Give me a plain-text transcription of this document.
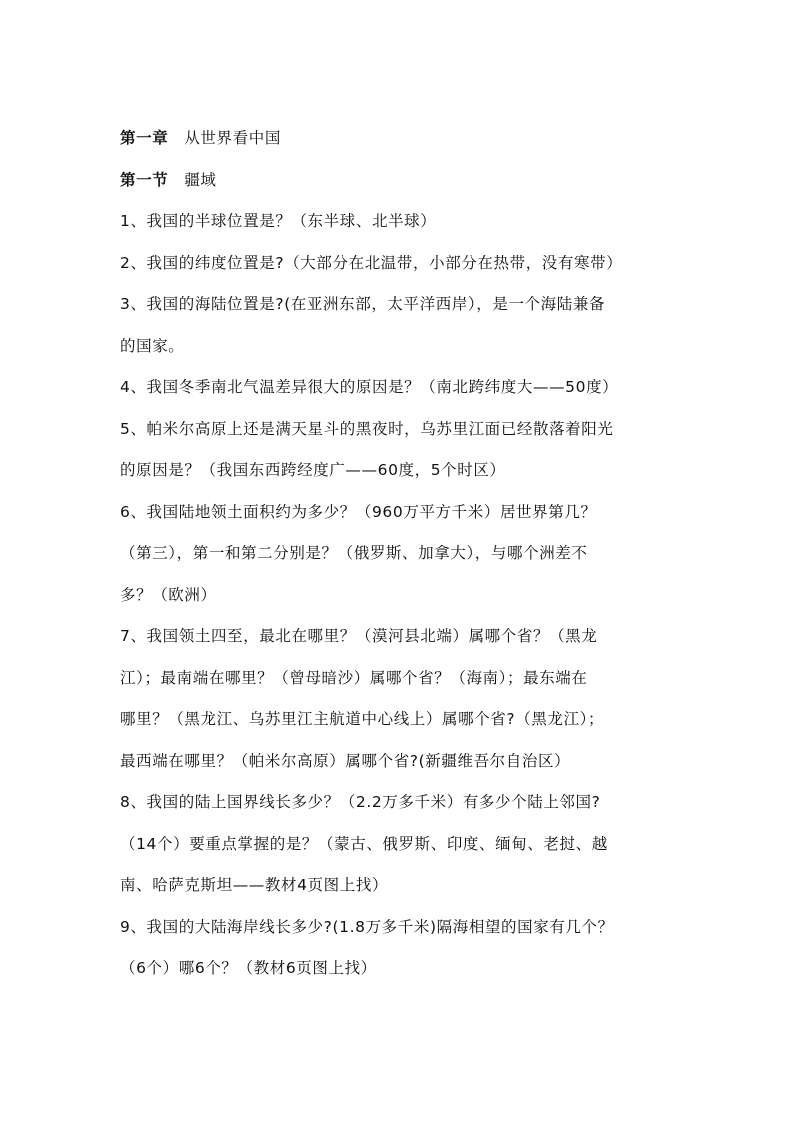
第一章 从世界看中国
第一节 疆域
1、我国的半球位置是？（东半球、北半球）
2、我国的纬度位置是?（大部分在北温带，小部分在热带，没有寒带）
3、我国的海陆位置是?(在亚洲东部，太平洋西岸），是一个海陆兼备
的国家。
4、我国冬季南北气温差异很大的原因是？（南北跨纬度大——50度）
5、帕米尔高原上还是满天星斗的黑夜时，乌苏里江面已经散落着阳光
的原因是？（我国东西跨经度广——60度，5个时区）
6、我国陆地领土面积约为多少？（960万平方千米）居世界第几？
（第三），第一和第二分别是？（俄罗斯、加拿大），与哪个洲差不
多？（欧洲）
7、我国领土四至，最北在哪里？（漠河县北端）属哪个省？（黑龙
江）；最南端在哪里？（曾母暗沙）属哪个省？（海南）；最东端在
哪里？（黑龙江、乌苏里江主航道中心线上）属哪个省?（黑龙江）；
最西端在哪里？（帕米尔高原）属哪个省?(新疆维吾尔自治区）
8、我国的陆上国界线长多少？（2.2万多千米）有多少个陆上邻国?
（14个）要重点掌握的是？（蒙古、俄罗斯、印度、缅甸、老挝、越
南、哈萨克斯坦——教材4页图上找）
9、我国的大陆海岸线长多少?(1.8万多千米)隔海相望的国家有几个？
（6个）哪6个？（教材6页图上找）
